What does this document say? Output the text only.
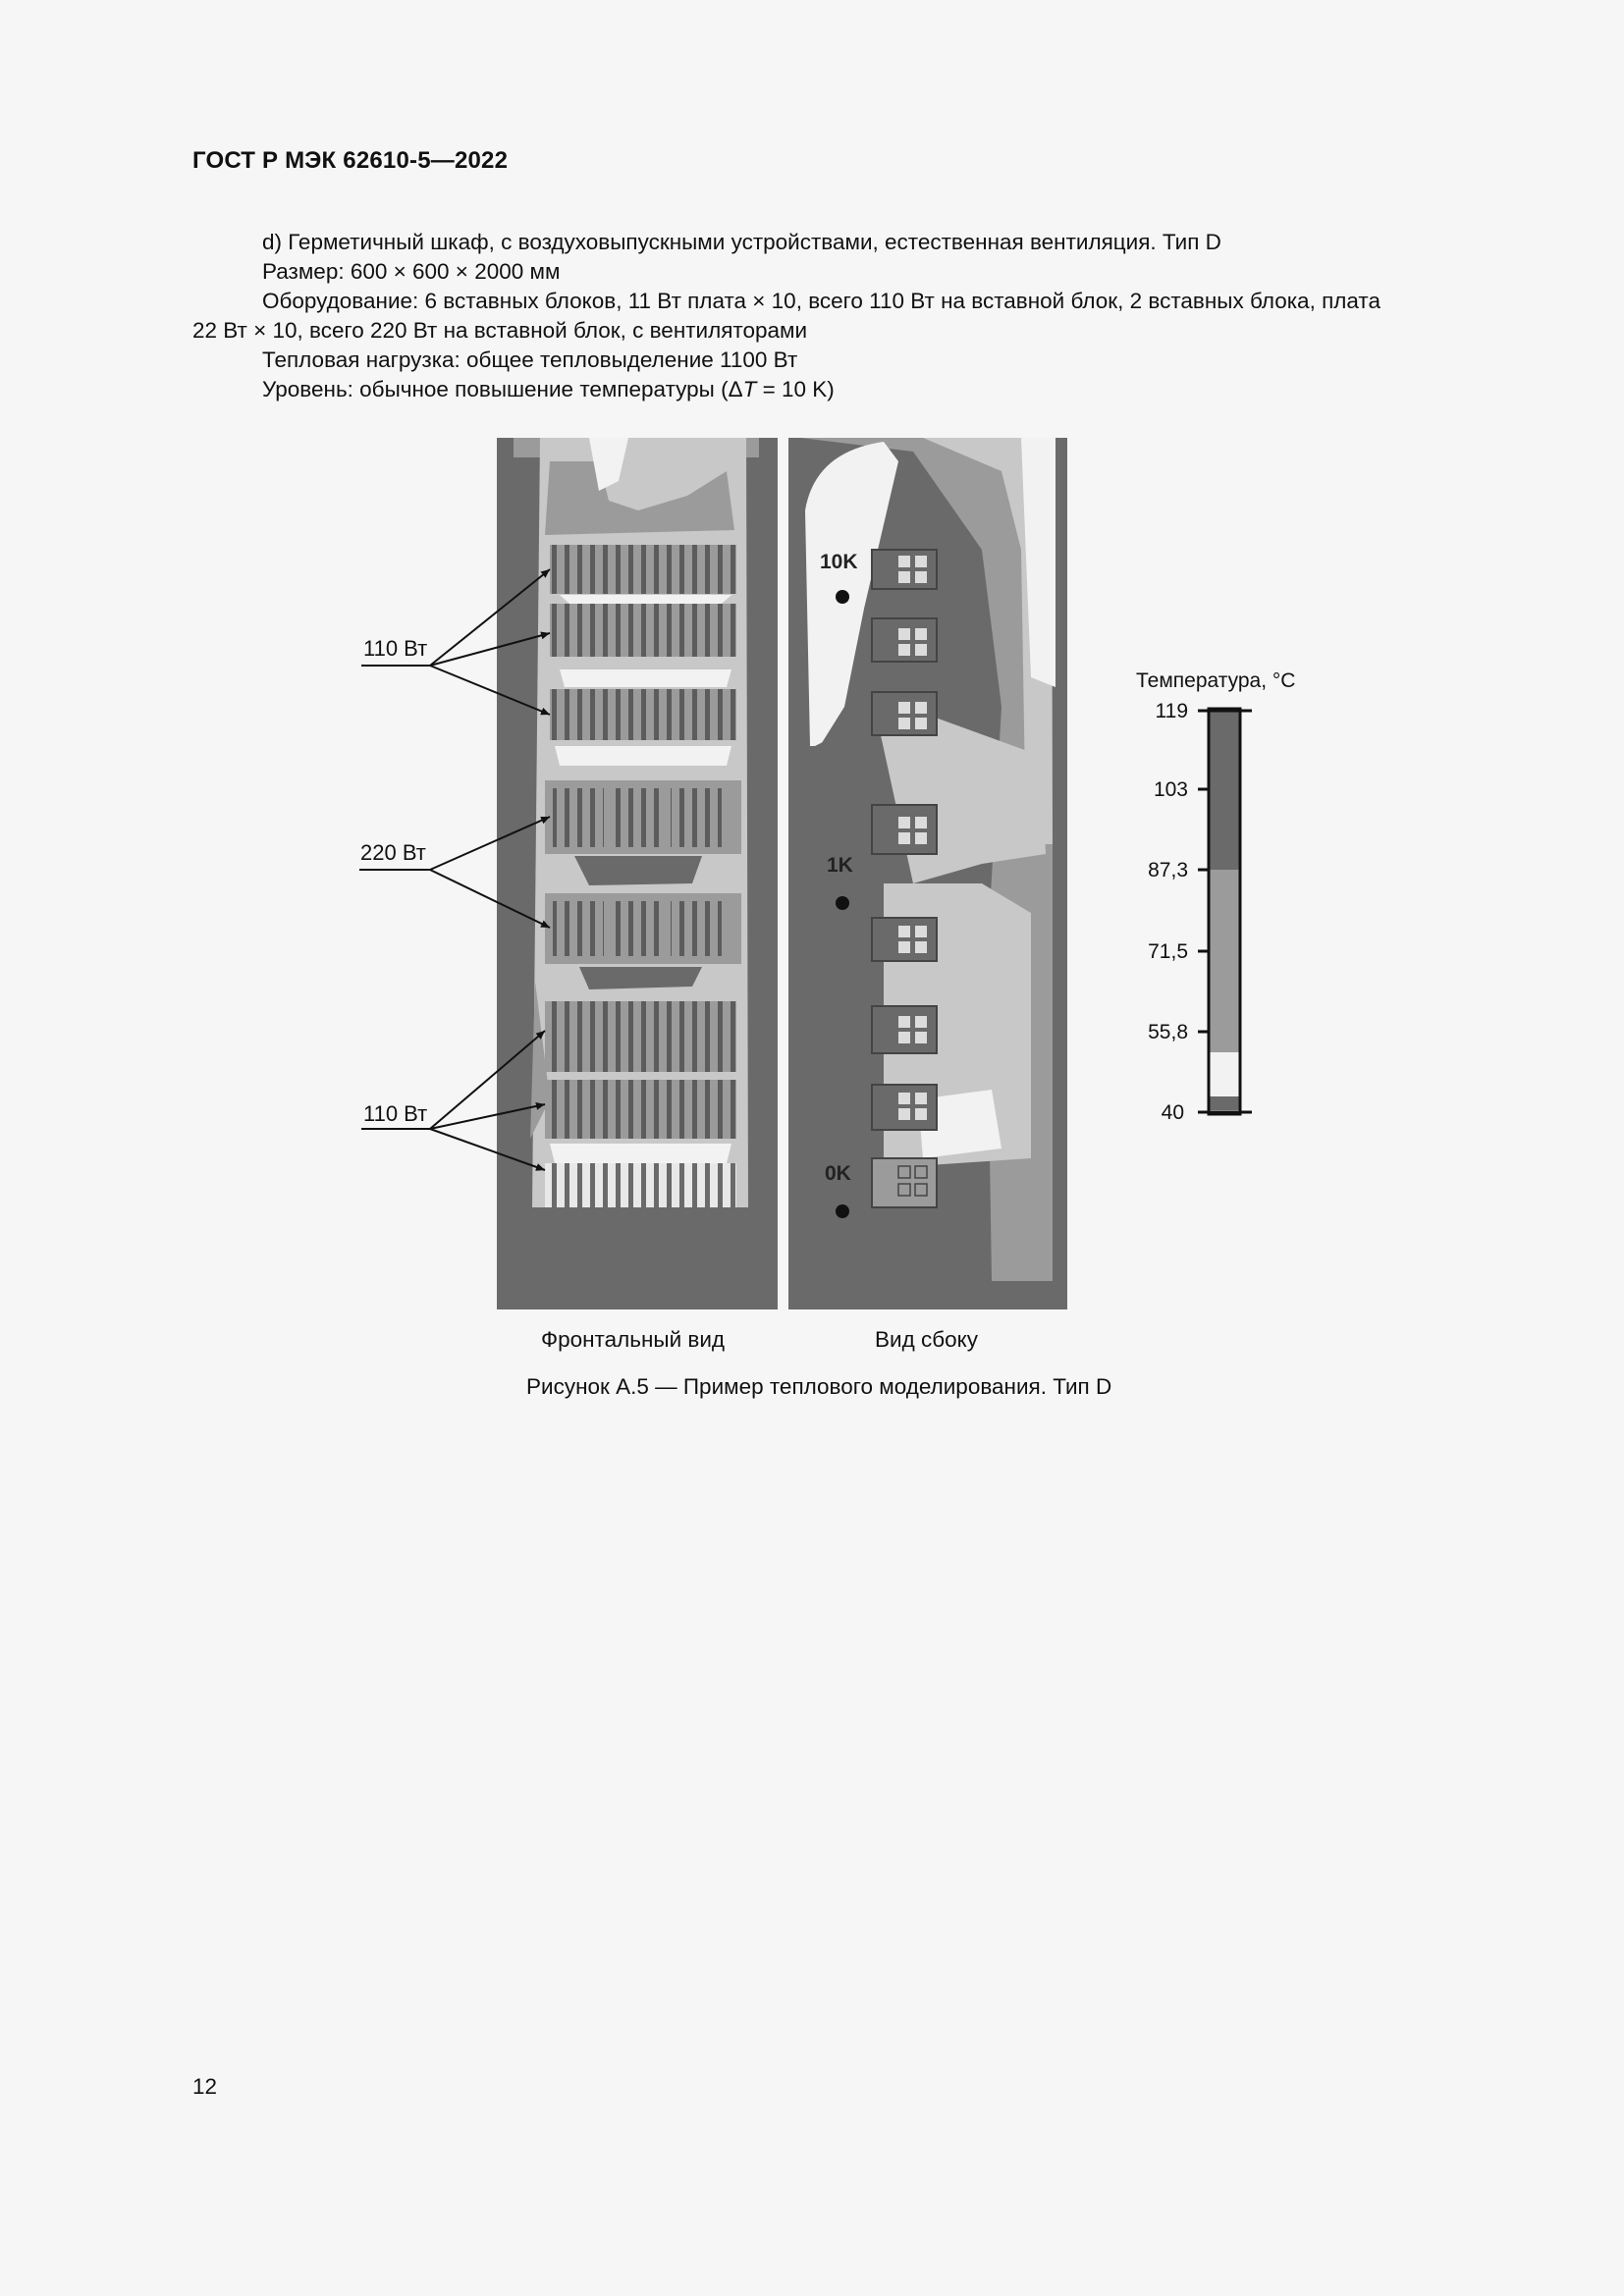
ГОСТ Р МЭК 62610-5—2022
d) Герметичный шкаф, с воздуховыпускными устройствами, естественная вентиляция. Тип D
Размер: 600 × 600 × 2000 мм
Оборудование: 6 вставных блоков, 11 Вт плата × 10, всего 110 Вт на вставной блок, 2 вставных блока, плата
22 Вт × 10, всего 220 Вт на вставной блок, с вентиляторами
Тепловая нагрузка: общее тепловыделение 1100 Вт
Уровень: обычное повышение температуры (ΔT = 10 K)
10K
1K
0K
110 Вт
220 Вт
110 Вт
Температура, °C
119
103
87,3
71,5
55,8
40
Фронтальный вид	Вид сбоку
Рисунок А.5 — Пример теплового моделирования. Тип D
12
